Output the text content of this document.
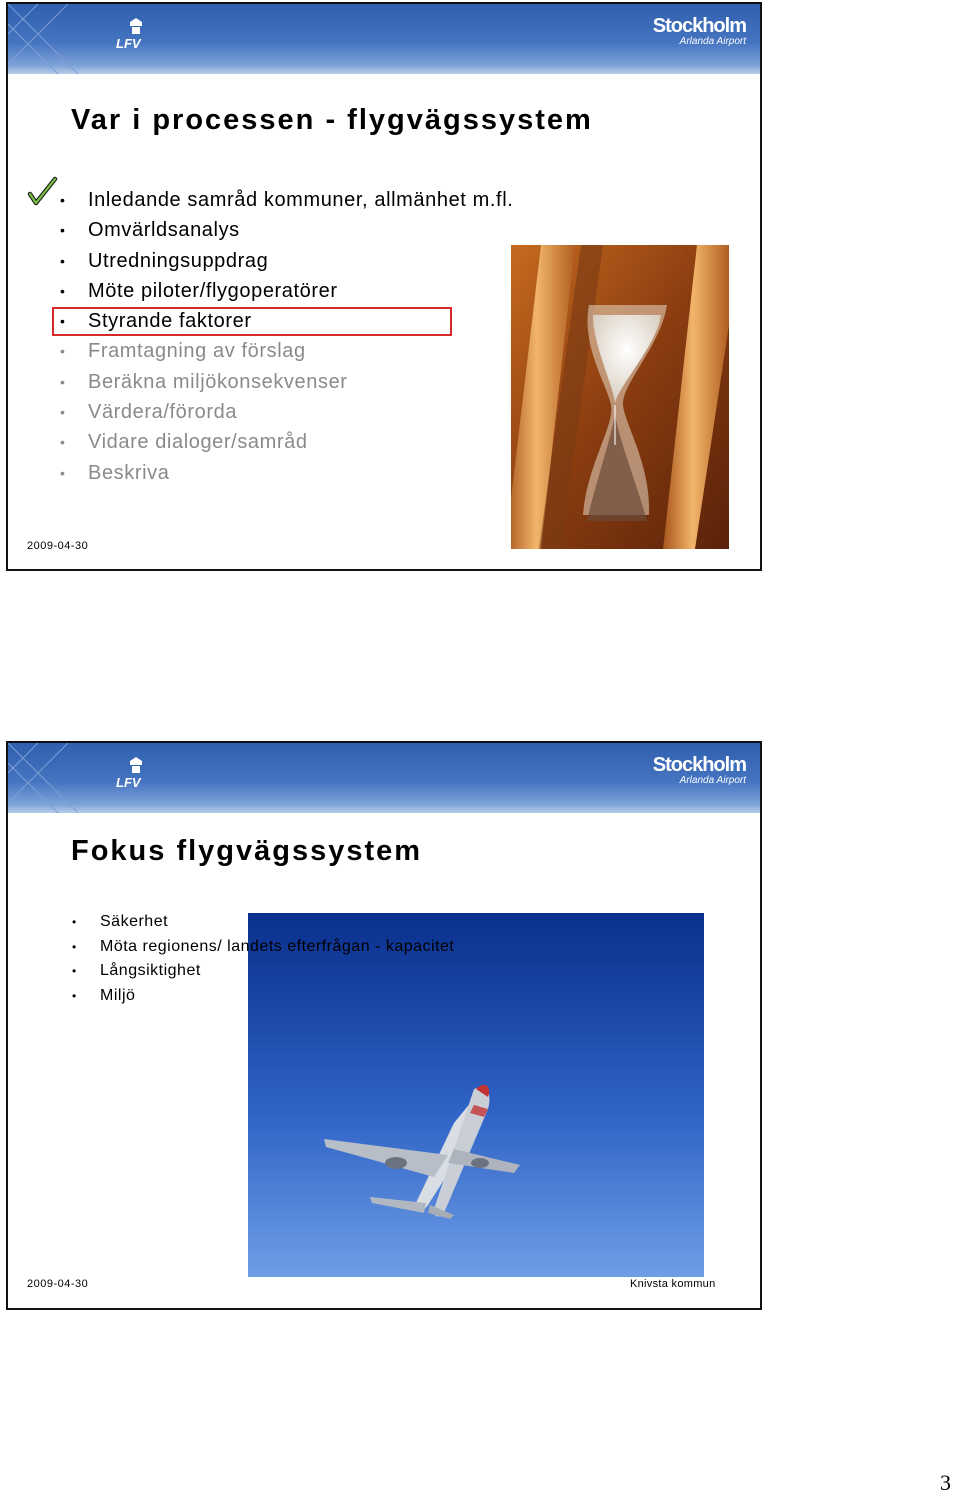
LFV
Stockholm
Arlanda Airport
Var i processen - flygvägssystem
• Inledande samråd kommuner, allmänhet m.fl.
• Omvärldsanalys
• Utredningsuppdrag
• Möte piloter/flygoperatörer
• Styrande faktorer
• Framtagning av förslag
• Beräkna miljökonsekvenser
• Värdera/förorda
• Vidare dialoger/samråd
• Beskriva
2009-04-30
LFV
Stockholm
Arlanda Airport
Fokus flygvägssystem
• Säkerhet
• Möta regionens/ landets efterfrågan - kapacitet
• Långsiktighet
• Miljö
2009-04-30	Knivsta kommun
3
